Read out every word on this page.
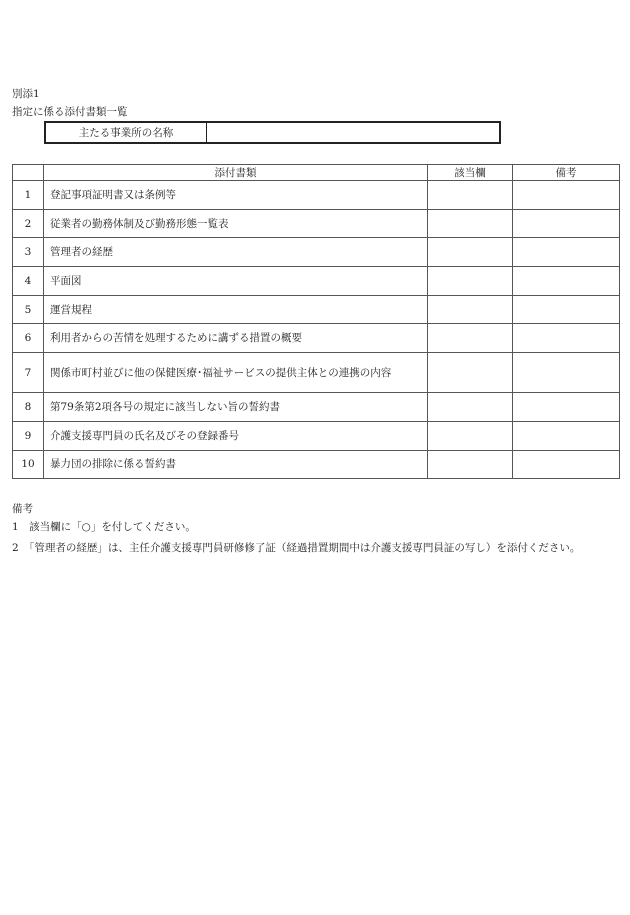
別添1
指定に係る添付書類一覧
主たる事業所の名称	
	添付書類	該当欄	備考
1	登記事項証明書又は条例等		
2	従業者の勤務体制及び勤務形態一覧表		
3	管理者の経歴		
4	平面図		
5	運営規程		
6	利用者からの苦情を処理するために講ずる措置の概要		
7	関係市町村並びに他の保健医療･福祉サービスの提供主体との連携の内容		
8	第79条第2項各号の規定に該当しない旨の誓約書		
9	介護支援専門員の氏名及びその登録番号		
10	暴力団の排除に係る誓約書		
備考
1　該当欄に「○」を付してください。
2　「管理者の経歴」は、主任介護支援専門員研修修了証（経過措置期間中は介護支援専門員証の写し）を添付ください。
